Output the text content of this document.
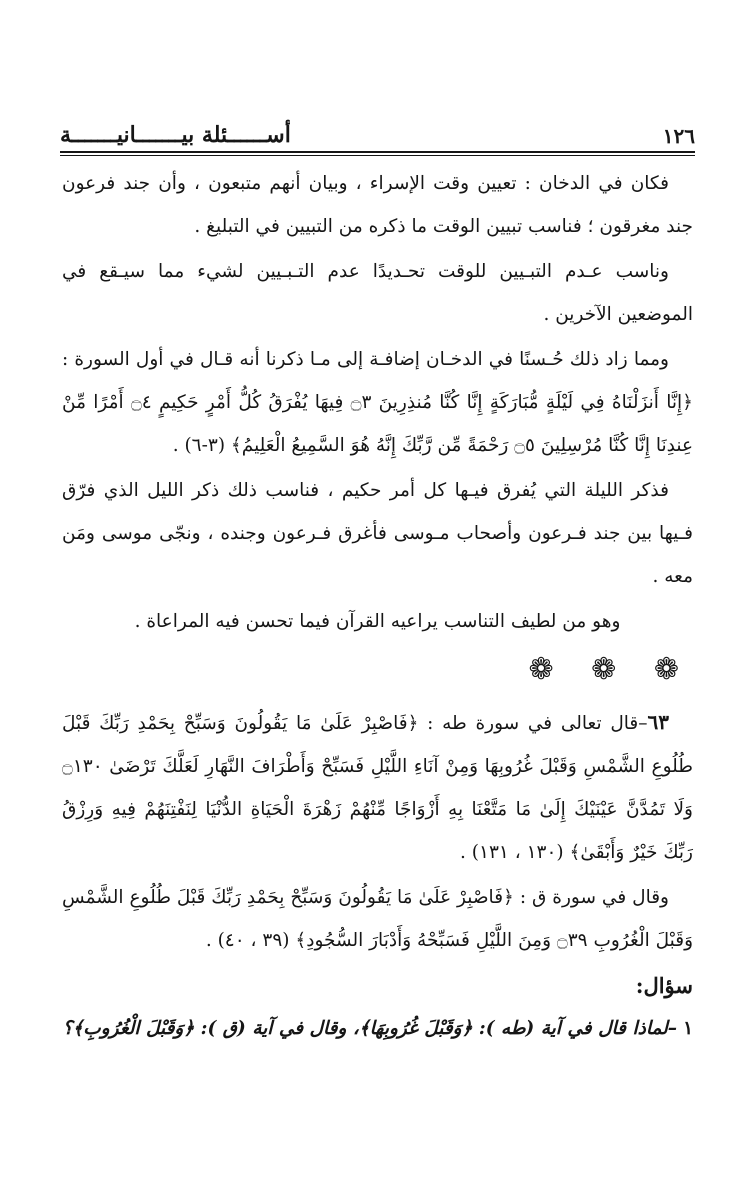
١٢٦
أســــــئلة بيـــــــانيـــــــة

فكان في الدخان : تعيين وقت الإسراء ، وبيان أنهم متبعون ، وأن جند فرعون جند مغرقون ؛ فناسب تبيين الوقت ما ذكره من التبيين في التبليغ .

وناسب عـدم التبـيين للوقت تحـديدًا عدم التـبـيين لشيء مما سيـقع في الموضعين الآخرين .

ومما زاد ذلك حُـسنًا في الدخـان إضافـة إلى مـا ذكرنا أنه قـال في أول السورة : ﴿إِنَّا أَنزَلْنَاهُ فِي لَيْلَةٍ مُّبَارَكَةٍ إِنَّا كُنَّا مُنذِرِينَ ۝٣ فِيهَا يُفْرَقُ كُلُّ أَمْرٍ حَكِيمٍ ۝٤ أَمْرًا مِّنْ عِندِنَا إِنَّا كُنَّا مُرْسِلِينَ ۝٥ رَحْمَةً مِّن رَّبِّكَ إِنَّهُ هُوَ السَّمِيعُ الْعَلِيمُ﴾ (٣-٦) .

فذكر الليلة التي يُفرق فيـها كل أمر حكيم ، فناسب ذلك ذكر الليل الذي فرّق فـيها بين جند فـرعون وأصحاب مـوسى فأغرق فـرعون وجنده ، ونجّى موسى ومَن معه .

وهو من لطيف التناسب يراعيه القرآن فيما تحسن فيه المراعاة .

❁ ❁ ❁

٦٣–قال تعالى في سورة طه : ﴿فَاصْبِرْ عَلَىٰ مَا يَقُولُونَ وَسَبِّحْ بِحَمْدِ رَبِّكَ قَبْلَ طُلُوعِ الشَّمْسِ وَقَبْلَ غُرُوبِهَا وَمِنْ آنَاءِ اللَّيْلِ فَسَبِّحْ وَأَطْرَافَ النَّهَارِ لَعَلَّكَ تَرْضَىٰ ۝١٣٠ وَلَا تَمُدَّنَّ عَيْنَيْكَ إِلَىٰ مَا مَتَّعْنَا بِهِ أَزْوَاجًا مِّنْهُمْ زَهْرَةَ الْحَيَاةِ الدُّنْيَا لِنَفْتِنَهُمْ فِيهِ وَرِزْقُ رَبِّكَ خَيْرٌ وَأَبْقَىٰ﴾ (١٣٠ ، ١٣١) .

وقال في سورة ق : ﴿فَاصْبِرْ عَلَىٰ مَا يَقُولُونَ وَسَبِّحْ بِحَمْدِ رَبِّكَ قَبْلَ طُلُوعِ الشَّمْسِ وَقَبْلَ الْغُرُوبِ ۝٣٩ وَمِنَ اللَّيْلِ فَسَبِّحْهُ وَأَدْبَارَ السُّجُودِ﴾ (٣٩ ، ٤٠) .

سؤال:

١–لماذا قال في آية (طه ): ﴿وَقَبْلَ غُرُوبِهَا﴾، وقال في آية (ق ): ﴿وَقَبْلَ الْغُرُوبِ﴾؟
